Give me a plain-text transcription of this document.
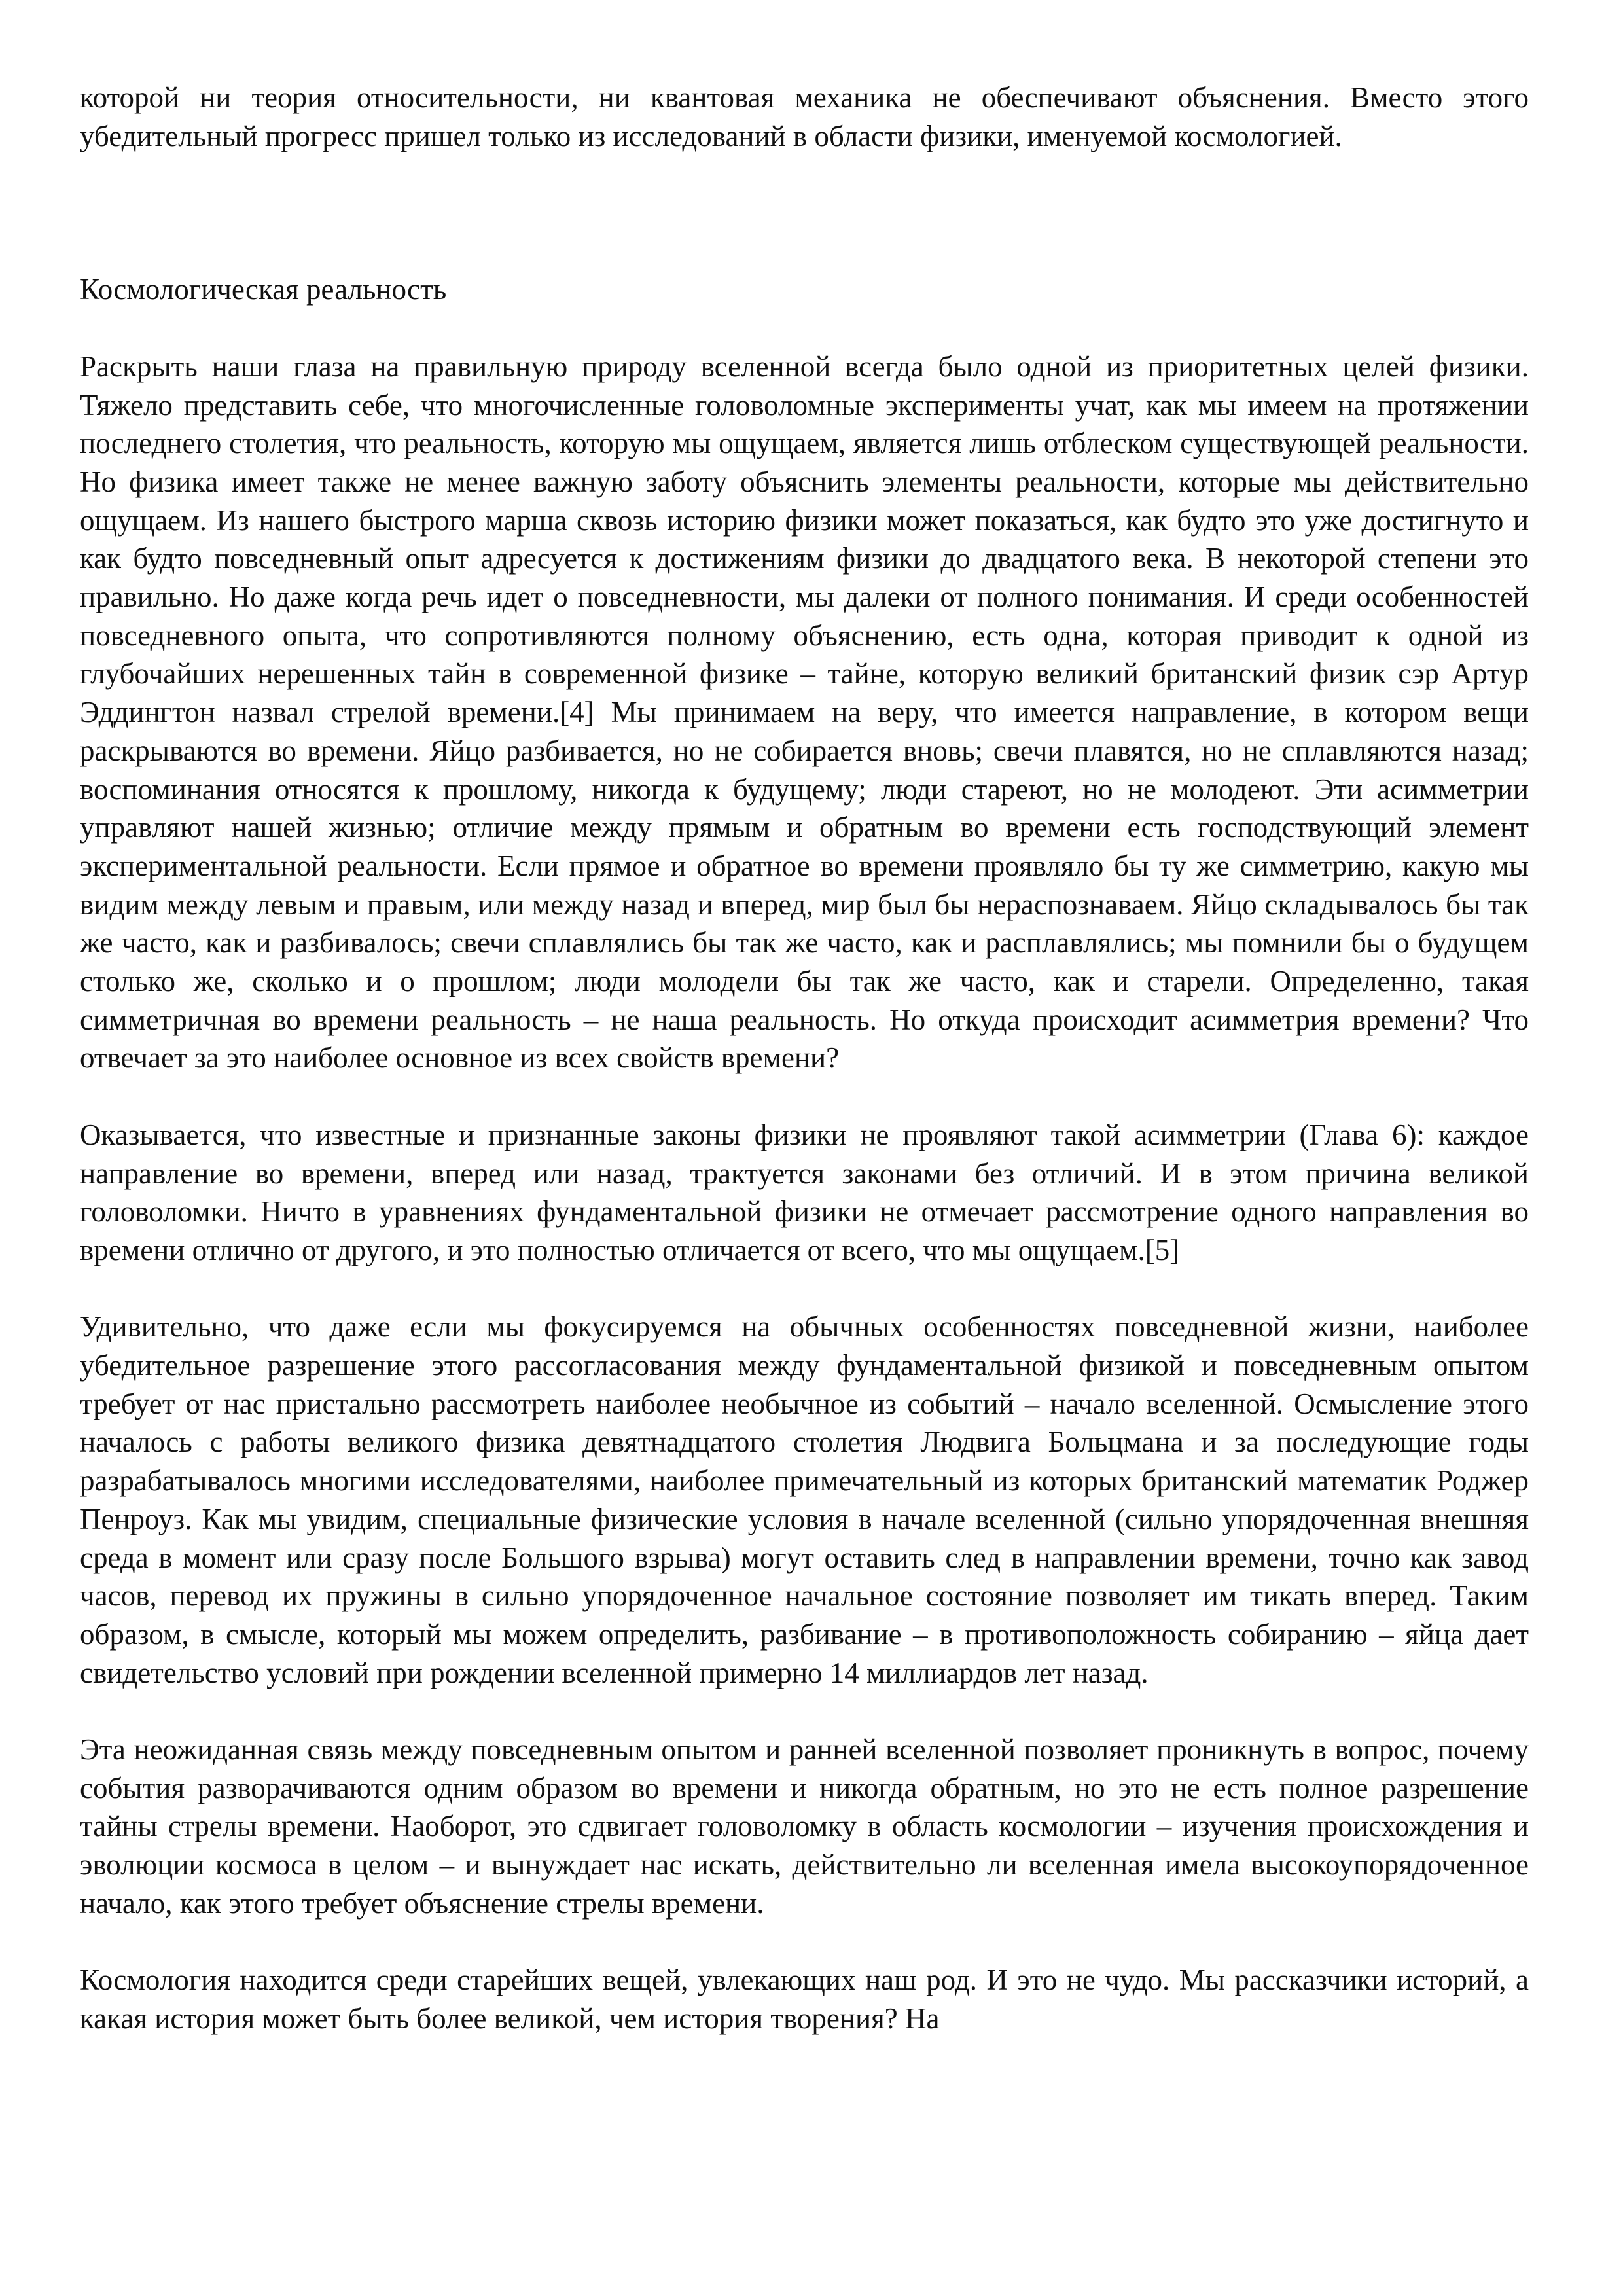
которой ни теория относительности, ни квантовая механика не обеспечивают объяснения. Вместо этого убедительный прогресс пришел только из исследований в области физики, именуемой космологией.

Космологическая реальность

Раскрыть наши глаза на правильную природу вселенной всегда было одной из приоритетных целей физики. Тяжело представить себе, что многочисленные головоломные эксперименты учат, как мы имеем на протяжении последнего столетия, что реальность, которую мы ощущаем, является лишь отблеском существующей реальности. Но физика имеет также не менее важную заботу объяснить элементы реальности, которые мы действительно ощущаем. Из нашего быстрого марша сквозь историю физики может показаться, как будто это уже достигнуто и как будто повседневный опыт адресуется к достижениям физики до двадцатого века. В некоторой степени это правильно. Но даже когда речь идет о повседневности, мы далеки от полного понимания. И среди особенностей повседневного опыта, что сопротивляются полному объяснению, есть одна, которая приводит к одной из глубочайших нерешенных тайн в современной физике – тайне, которую великий британский физик сэр Артур Эддингтон назвал стрелой времени.[4] Мы принимаем на веру, что имеется направление, в котором вещи раскрываются во времени. Яйцо разбивается, но не собирается вновь; свечи плавятся, но не сплавляются назад; воспоминания относятся к прошлому, никогда к будущему; люди стареют, но не молодеют. Эти асимметрии управляют нашей жизнью; отличие между прямым и обратным во времени есть господствующий элемент экспериментальной реальности. Если прямое и обратное во времени проявляло бы ту же симметрию, какую мы видим между левым и правым, или между назад и вперед, мир был бы нераспознаваем. Яйцо складывалось бы так же часто, как и разбивалось; свечи сплавлялись бы так же часто, как и расплавлялись; мы помнили бы о будущем столько же, сколько и о прошлом; люди молодели бы так же часто, как и старели. Определенно, такая симметричная во времени реальность – не наша реальность. Но откуда происходит асимметрия времени? Что отвечает за это наиболее основное из всех свойств времени?

Оказывается, что известные и признанные законы физики не проявляют такой асимметрии (Глава 6): каждое направление во времени, вперед или назад, трактуется законами без отличий. И в этом причина великой головоломки. Ничто в уравнениях фундаментальной физики не отмечает рассмотрение одного направления во времени отлично от другого, и это полностью отличается от всего, что мы ощущаем.[5]

Удивительно, что даже если мы фокусируемся на обычных особенностях повседневной жизни, наиболее убедительное разрешение этого рассогласования между фундаментальной физикой и повседневным опытом требует от нас пристально рассмотреть наиболее необычное из событий – начало вселенной. Осмысление этого началось с работы великого физика девятнадцатого столетия Людвига Больцмана и за последующие годы разрабатывалось многими исследователями, наиболее примечательный из которых британский математик Роджер Пенроуз. Как мы увидим, специальные физические условия в начале вселенной (сильно упорядоченная внешняя среда в момент или сразу после Большого взрыва) могут оставить след в направлении времени, точно как завод часов, перевод их пружины в сильно упорядоченное начальное состояние позволяет им тикать вперед. Таким образом, в смысле, который мы можем определить, разбивание – в противоположность собиранию – яйца дает свидетельство условий при рождении вселенной примерно 14 миллиардов лет назад.

Эта неожиданная связь между повседневным опытом и ранней вселенной позволяет проникнуть в вопрос, почему события разворачиваются одним образом во времени и никогда обратным, но это не есть полное разрешение тайны стрелы времени. Наоборот, это сдвигает головоломку в область космологии – изучения происхождения и эволюции космоса в целом – и вынуждает нас искать, действительно ли вселенная имела высокоупорядоченное начало, как этого требует объяснение стрелы времени.

Космология находится среди старейших вещей, увлекающих наш род. И это не чудо. Мы рассказчики историй, а какая история может быть более великой, чем история творения? На
